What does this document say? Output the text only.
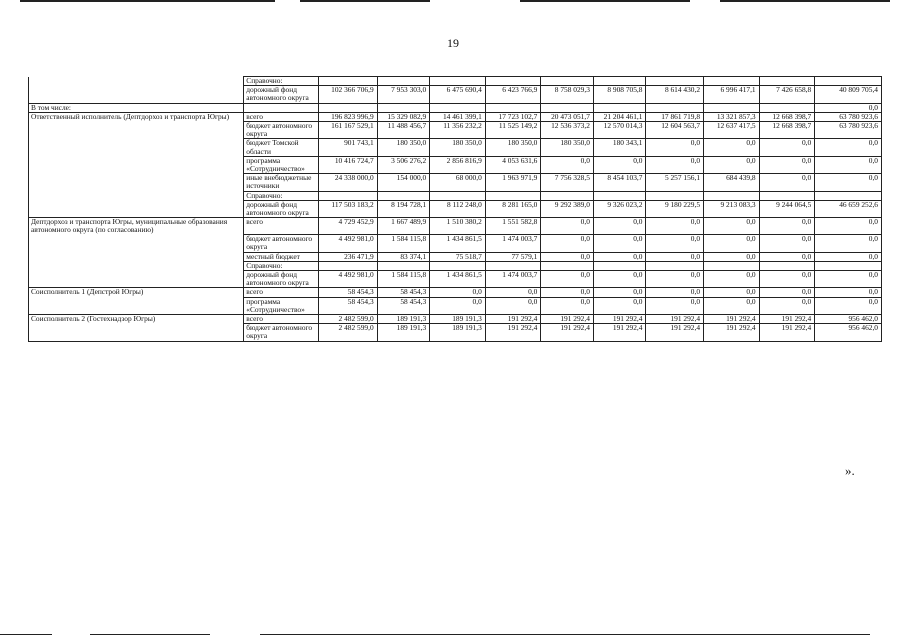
19
	Справочно:										
	дорожный фонд автономного округа	102 366 706,9	7 953 303,0	6 475 690,4	6 423 766,9	8 758 029,3	8 908 705,8	8 614 430,2	6 996 417,1	7 426 658,8	40 809 705,4
В том числе:											0,0
Ответственный исполнитель (Дептдорхоз и транспорта Югры)	всего	196 823 996,9	15 329 082,9	14 461 399,1	17 723 102,7	20 473 051,7	21 204 461,1	17 861 719,8	13 321 857,3	12 668 398,7	63 780 923,6
	бюджет автономного округа	161 167 529,1	11 488 456,7	11 356 232,2	11 525 149,2	12 536 373,2	12 570 014,3	12 604 563,7	12 637 417,5	12 668 398,7	63 780 923,6
	бюджет Томской области	901 743,1	180 350,0	180 350,0	180 350,0	180 350,0	180 343,1	0,0	0,0	0,0	0,0
	программа «Сотрудничество»	10 416 724,7	3 506 276,2	2 856 816,9	4 053 631,6	0,0	0,0	0,0	0,0	0,0	0,0
	иные внебюджетные источники	24 338 000,0	154 000,0	68 000,0	1 963 971,9	7 756 328,5	8 454 103,7	5 257 156,1	684 439,8	0,0	0,0
	Справочно:										
	дорожный фонд автономного округа	117 503 183,2	8 194 728,1	8 112 248,0	8 281 165,0	9 292 389,0	9 326 023,2	9 180 229,5	9 213 083,3	9 244 064,5	46 659 252,6
Дептдорхоз и транспорта Югры, муниципальные образования автономного округа (по согласованию)	всего	4 729 452,9	1 667 489,9	1 510 380,2	1 551 582,8	0,0	0,0	0,0	0,0	0,0	0,0
	бюджет автономного округа	4 492 981,0	1 584 115,8	1 434 861,5	1 474 003,7	0,0	0,0	0,0	0,0	0,0	0,0
	местный бюджет	236 471,9	83 374,1	75 518,7	77 579,1	0,0	0,0	0,0	0,0	0,0	0,0
	Справочно:										
	дорожный фонд автономного округа	4 492 981,0	1 584 115,8	1 434 861,5	1 474 003,7	0,0	0,0	0,0	0,0	0,0	0,0
Соисполнитель 1 (Депстрой Югры)	всего	58 454,3	58 454,3	0,0	0,0	0,0	0,0	0,0	0,0	0,0	0,0
	программа «Сотрудничество»	58 454,3	58 454,3	0,0	0,0	0,0	0,0	0,0	0,0	0,0	0,0
Соисполнитель 2 (Гостехнадзор Югры)	всего	2 482 599,0	189 191,3	189 191,3	191 292,4	191 292,4	191 292,4	191 292,4	191 292,4	191 292,4	956 462,0
	бюджет автономного округа	2 482 599,0	189 191,3	189 191,3	191 292,4	191 292,4	191 292,4	191 292,4	191 292,4	191 292,4	956 462,0
».
